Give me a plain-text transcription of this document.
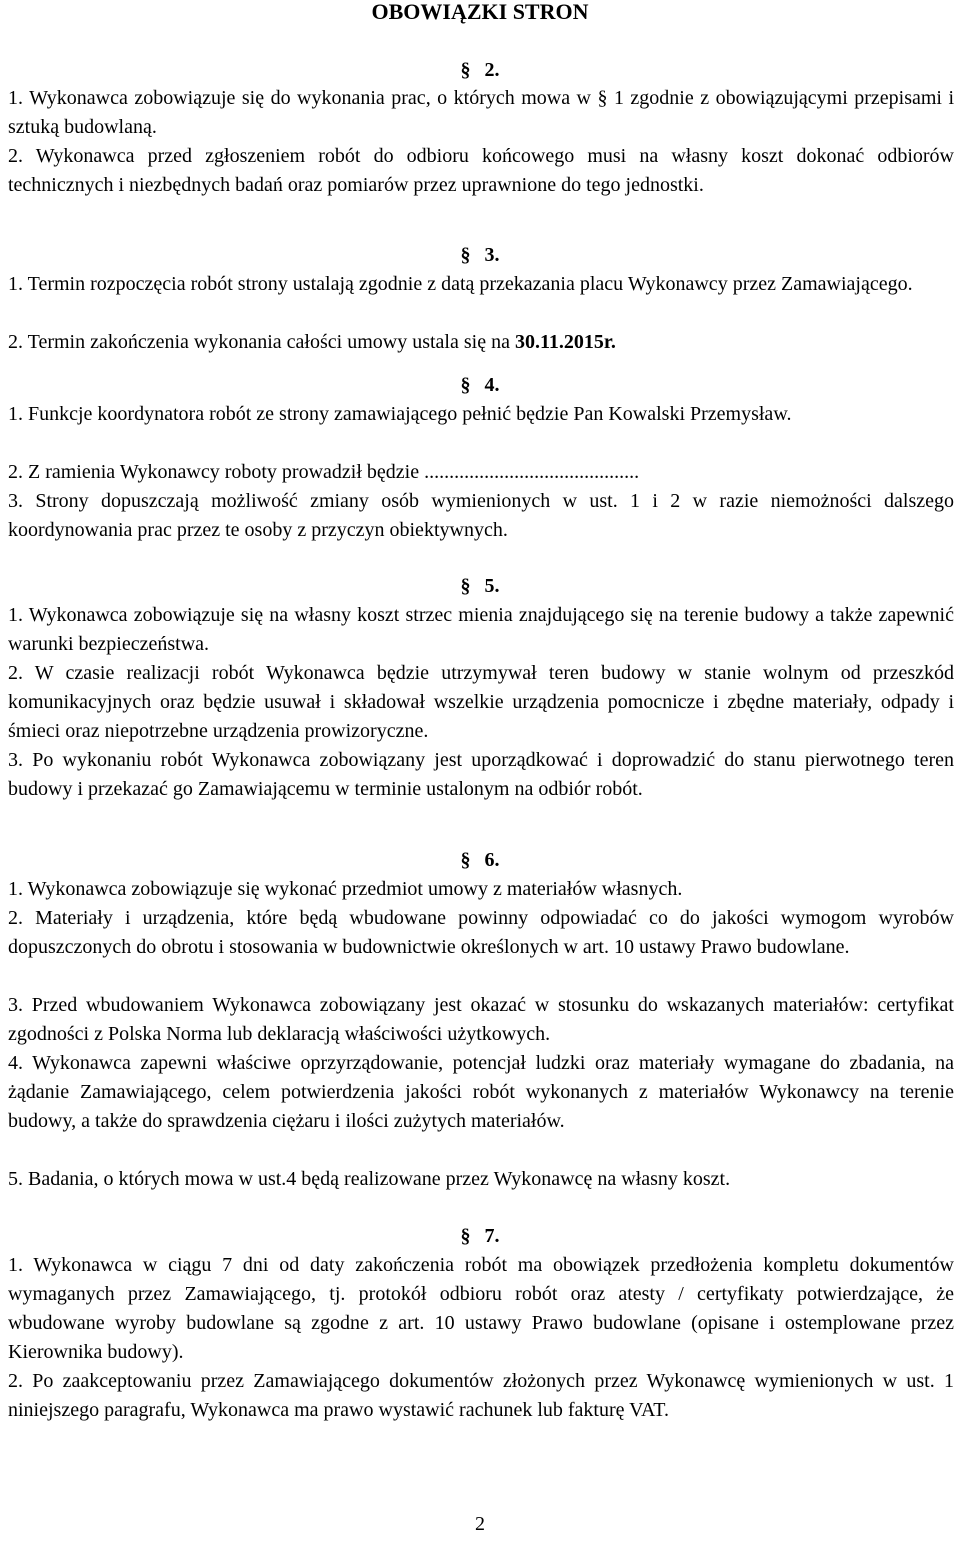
OBOWIĄZKI STRON
§ 2.
1. Wykonawca zobowiązuje się do wykonania prac, o których mowa w § 1 zgodnie z obowiązującymi przepisami i sztuką budowlaną.
2. Wykonawca przed zgłoszeniem robót do odbioru końcowego musi na własny koszt dokonać odbiorów technicznych i niezbędnych badań oraz pomiarów przez uprawnione do tego jednostki.
§ 3.
1. Termin rozpoczęcia robót strony ustalają zgodnie z datą przekazania placu Wykonawcy przez Zamawiającego.
2. Termin zakończenia wykonania całości umowy ustala się na 30.11.2015r.
§ 4.
1. Funkcje koordynatora robót ze strony zamawiającego pełnić będzie Pan Kowalski Przemysław.
2. Z ramienia Wykonawcy roboty prowadził będzie ...........................................
3. Strony dopuszczają możliwość zmiany osób wymienionych w ust. 1 i 2 w razie niemożności dalszego koordynowania prac przez te osoby z przyczyn obiektywnych.
§ 5.
1. Wykonawca zobowiązuje się na własny koszt strzec mienia znajdującego się na terenie budowy a także zapewnić warunki bezpieczeństwa.
2. W czasie realizacji robót Wykonawca będzie utrzymywał teren budowy w stanie wolnym od przeszkód komunikacyjnych oraz będzie usuwał i składował wszelkie urządzenia pomocnicze i zbędne materiały, odpady i śmieci oraz niepotrzebne urządzenia prowizoryczne.
3. Po wykonaniu robót Wykonawca zobowiązany jest uporządkować i doprowadzić do stanu pierwotnego teren budowy i przekazać go Zamawiającemu w terminie ustalonym na odbiór robót.
§ 6.
1. Wykonawca zobowiązuje się wykonać przedmiot umowy z materiałów własnych.
2. Materiały i urządzenia, które będą wbudowane powinny odpowiadać co do jakości wymogom wyrobów dopuszczonych do obrotu i stosowania w budownictwie określonych w art. 10 ustawy Prawo budowlane.
3. Przed wbudowaniem Wykonawca zobowiązany jest okazać w stosunku do wskazanych materiałów: certyfikat zgodności z Polska Norma lub deklaracją właściwości użytkowych.
4. Wykonawca zapewni właściwe oprzyrządowanie, potencjał ludzki oraz materiały wymagane do zbadania, na żądanie Zamawiającego, celem potwierdzenia jakości robót wykonanych z materiałów Wykonawcy na terenie budowy, a także do sprawdzenia ciężaru i ilości zużytych materiałów.
5. Badania, o których mowa w ust.4 będą realizowane przez Wykonawcę na własny koszt.
§ 7.
1. Wykonawca w ciągu 7 dni od daty zakończenia robót ma obowiązek przedłożenia kompletu dokumentów wymaganych przez Zamawiającego, tj. protokół odbioru robót oraz atesty / certyfikaty potwierdzające, że wbudowane wyroby budowlane są zgodne z art. 10 ustawy Prawo budowlane (opisane i ostemplowane przez Kierownika budowy).
2. Po zaakceptowaniu przez Zamawiającego dokumentów złożonych przez Wykonawcę wymienionych w ust. 1 niniejszego paragrafu, Wykonawca ma prawo wystawić rachunek lub fakturę VAT.
2
